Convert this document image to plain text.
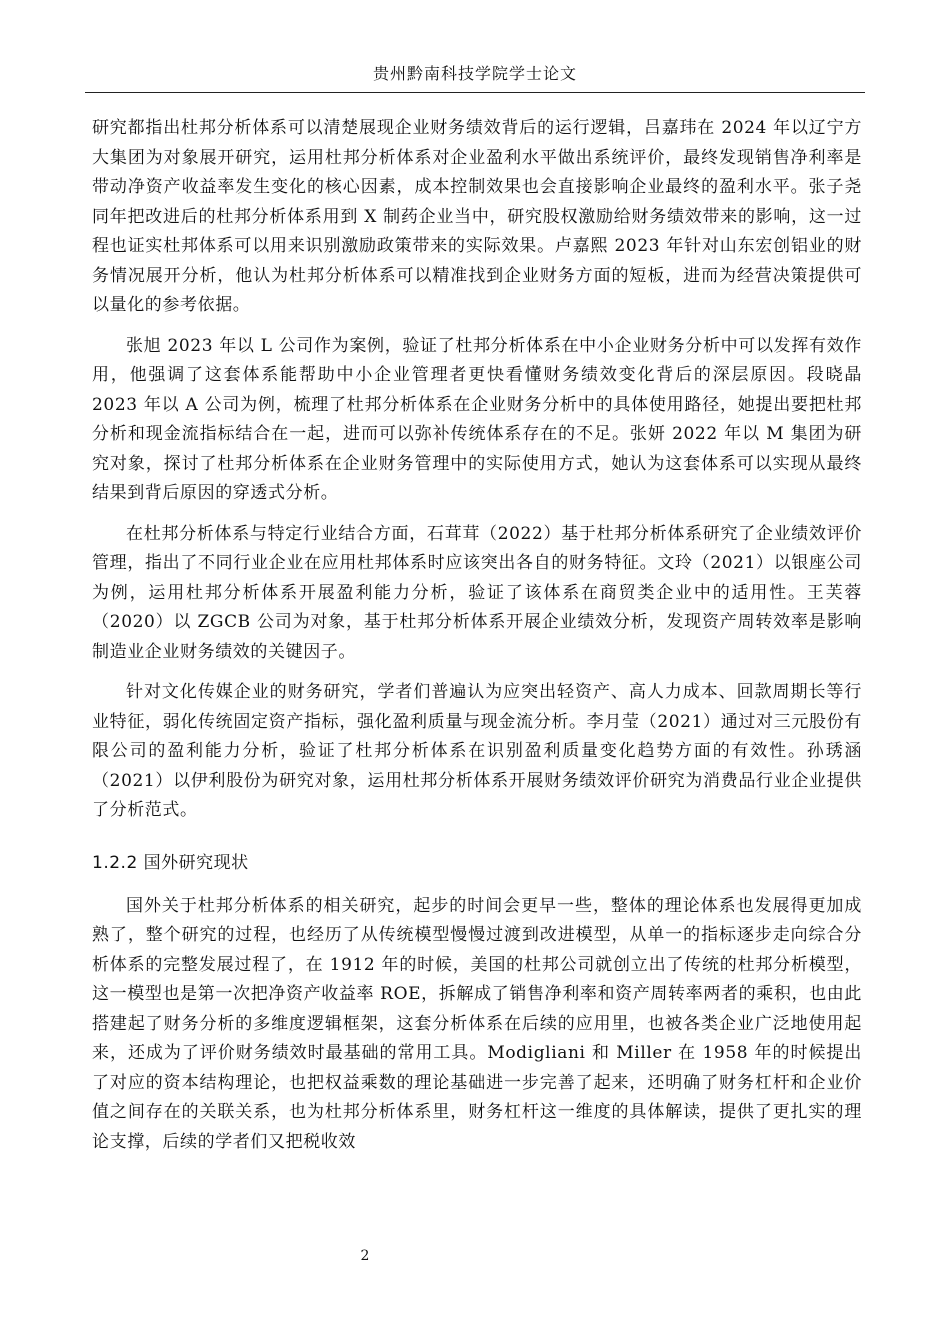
贵州黔南科技学院学士论文

研究都指出杜邦分析体系可以清楚展现企业财务绩效背后的运行逻辑，吕嘉玮在 2024 年以辽宁方大集团为对象展开研究，运用杜邦分析体系对企业盈利水平做出系统评价，最终发现销售净利率是带动净资产收益率发生变化的核心因素，成本控制效果也会直接影响企业最终的盈利水平。张子尧同年把改进后的杜邦分析体系用到 X 制药企业当中，研究股权激励给财务绩效带来的影响，这一过程也证实杜邦体系可以用来识别激励政策带来的实际效果。卢嘉熙 2023 年针对山东宏创铝业的财务情况展开分析，他认为杜邦分析体系可以精准找到企业财务方面的短板，进而为经营决策提供可以量化的参考依据。

张旭 2023 年以 L 公司作为案例，验证了杜邦分析体系在中小企业财务分析中可以发挥有效作用，他强调了这套体系能帮助中小企业管理者更快看懂财务绩效变化背后的深层原因。段晓晶 2023 年以 A 公司为例，梳理了杜邦分析体系在企业财务分析中的具体使用路径，她提出要把杜邦分析和现金流指标结合在一起，进而可以弥补传统体系存在的不足。张妍 2022 年以 M 集团为研究对象，探讨了杜邦分析体系在企业财务管理中的实际使用方式，她认为这套体系可以实现从最终结果到背后原因的穿透式分析。

在杜邦分析体系与特定行业结合方面，石茸茸（2022）基于杜邦分析体系研究了企业绩效评价管理，指出了不同行业企业在应用杜邦体系时应该突出各自的财务特征。文玲（2021）以银座公司为例，运用杜邦分析体系开展盈利能力分析，验证了该体系在商贸类企业中的适用性。王芙蓉（2020）以 ZGCB 公司为对象，基于杜邦分析体系开展企业绩效分析，发现资产周转效率是影响制造业企业财务绩效的关键因子。

针对文化传媒企业的财务研究，学者们普遍认为应突出轻资产、高人力成本、回款周期长等行业特征，弱化传统固定资产指标，强化盈利质量与现金流分析。李月莹（2021）通过对三元股份有限公司的盈利能力分析，验证了杜邦分析体系在识别盈利质量变化趋势方面的有效性。孙琇涵（2021）以伊利股份为研究对象，运用杜邦分析体系开展财务绩效评价研究为消费品行业企业提供了分析范式。

1.2.2 国外研究现状

国外关于杜邦分析体系的相关研究，起步的时间会更早一些，整体的理论体系也发展得更加成熟了，整个研究的过程，也经历了从传统模型慢慢过渡到改进模型，从单一的指标逐步走向综合分析体系的完整发展过程了，在 1912 年的时候，美国的杜邦公司就创立出了传统的杜邦分析模型，这一模型也是第一次把净资产收益率 ROE，拆解成了销售净利率和资产周转率两者的乘积，也由此搭建起了财务分析的多维度逻辑框架，这套分析体系在后续的应用里，也被各类企业广泛地使用起来，还成为了评价财务绩效时最基础的常用工具。Modigliani 和 Miller 在 1958 年的时候提出了对应的资本结构理论，也把权益乘数的理论基础进一步完善了起来，还明确了财务杠杆和企业价值之间存在的关联关系，也为杜邦分析体系里，财务杠杆这一维度的具体解读，提供了更扎实的理论支撑，后续的学者们又把税收效

2
